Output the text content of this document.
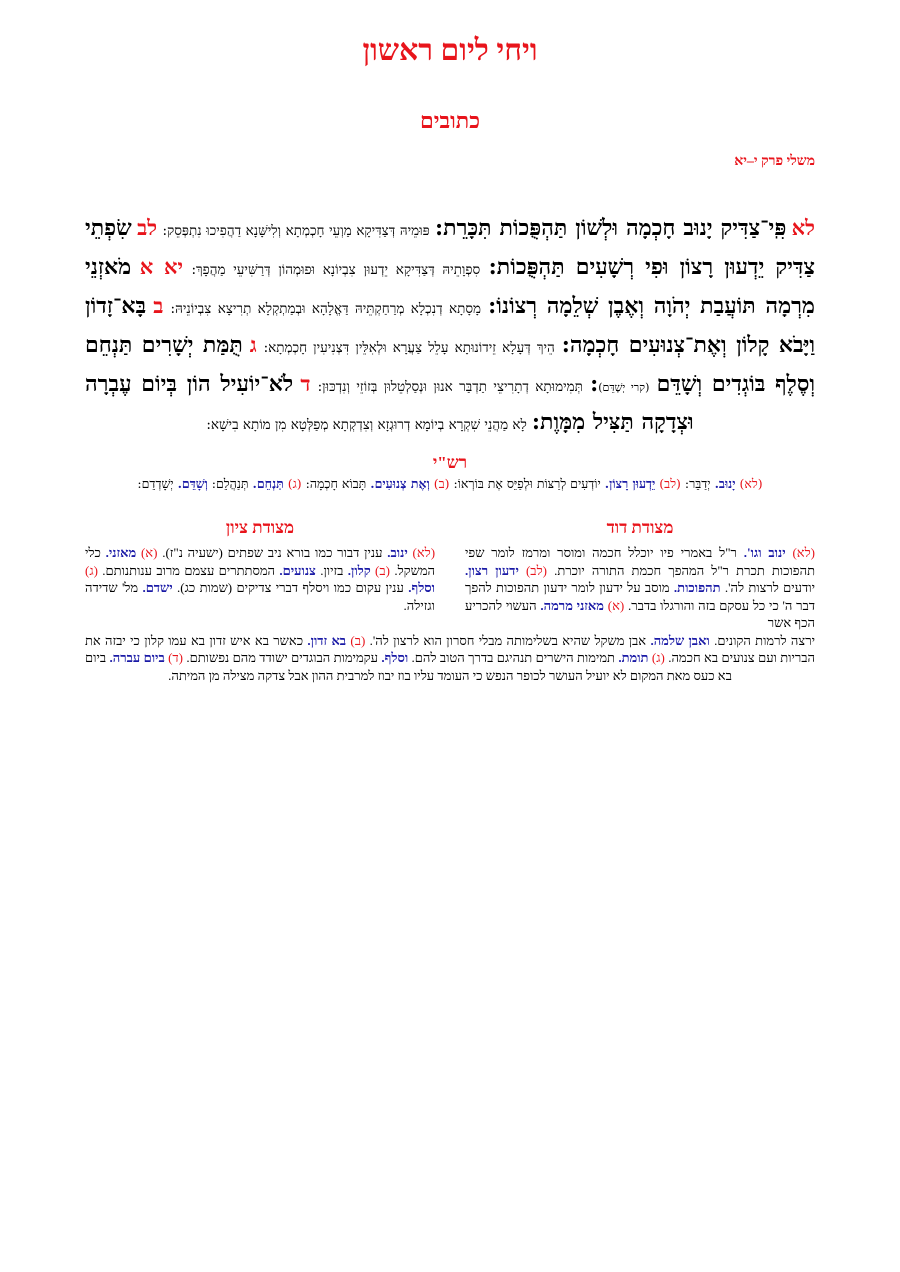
ויחי ליום ראשון
כתובים
משלי פרק י–יא
לא פִּֽי־צַדִּיק יָנוּב חָכְמָה וּלְשׁוֹן תַּהְפֻּכוֹת תִּכָּרֵת: פּוּמֵיהּ דְּצַדִּיקָא מַוְעֵי חָכְמְתָא וְלִישָּׁנָא דַהֲפִיכוּ נִתְפְּסֵק: לב שִׂפְתֵי צַדִּיק יֵדְעוּן רָצוֹן וּפִי רְשָׁעִים תַּהְפֻּכוֹת: סִפְוָתֵיהּ דְּצַדִּיקָא יֵדְעוּן צִבְיוֹנָא וּפוּמְהוֹן דְּרַשִּׁיעֵי מַהֲפָךְ: יא א מֹאזְנֵי מִרְמָה תּוֹעֲבַת יְהֹוָה וְאֶבֶן שְׁלֵמָה רְצוֹנוֹ: מָסָתָא דְנִכְלָא מְרַחַקְתֵּיהּ דַּאֱלָהָא וּבְמַתְקְלָא תְרִיצָא צִבְיוֹנֵיהּ: ב בָּא־זָדוֹן וַיָּבֹא קָלוֹן וְאֶת־צְנוּעִים חָכְמָה: הֵיךְ דְּעָלָא זֵידוֹנוּתָא עָלֵל צַעֲרָא וּלְאִלֵּין דִּצְנִיעִין חָכְמְתָא: ג תֻּמַּת יְשָׁרִים תַּנְחֵם וְסֶלֶף בּוֹגְדִים וְשָׁדֵּם (קרי יְשָׁדֵּם): תְּמִימוּתָא דְתָרִיצֵי תַדְבַּר אנוּן וּנְסַלְטֵלוּן בְּזוֹזֵי וְנִדְכּוּן: ד לֹא־יוֹעִיל הוֹן בְּיוֹם עֶבְרָה וּצְדָקָה תַּצִּיל מִמָּוֶת: לָא מַהֲנֵי שִׁקְרָא בְיוֹמָא דְרוּגְזָא וְצִדְקְתָא מְפַלְּטָא מִן מוֹתָא בִישָׁא:
רש"י
(לא) יָנוּב. יְדַבֵּר: (לב) יֵדְעוּן רָצוֹן. יוֹדְעִים לְרַצּוֹת וּלְפַיֵּס אֶת בּוֹרְאוֹ: (ב) וְאֶת צְנוּעִים. תָּבוֹא חָכְמָה: (ג) תַּנְחֵם. תְּנַהֲלֵם: וְשָׁדֵּם. יְשָׁדְדֵם:
מצודת דוד
מצודת ציון
(לא) ינוב וגו'. ר"ל באמרי פיו יוכלל חכמה ומוסר ומרמז לומר שפי תהפוכות תכרת ר"ל המהפך חכמת התורה יוכרת. (לב) ידעון רצון. יודעים לרצות לה'. תהפוכות. מוסב על ידעון לומר ידעון תהפוכות להפך דבר ה' כי כל עסקם בזה והורגלו בדבר. (א) מאזני מרמה. העשוי להכריע הכף אשר
(לא) ינוב. ענין דבור כמו בורא ניב שפתים (ישעיה נ"ז). (א) מאזני. כלי המשקל. (ב) קלון. בזיון. צנועים. המסתתרים עצמם מרוב ענותנותם. (ג) וסלף. ענין עקום כמו ויסלף דברי צדיקים (שמות כג). ישדם. מל' שדידה וגזילה.
ירצה לרמות הקונים. ואבן שלמה. אבן משקל שהיא בשלימותה מבלי חסרון הוא לרצון לה'. (ב) בא זדון. כאשר בא איש זדון בא עמו קלון כי יבזה את הבריות ועם צנועים בא חכמה. (ג) תומת. תמימות הישרים תנהיגם בדרך הטוב להם. וסלף. עקמימות הבוגדים ישודד מהם נפשותם. (ד) ביום עברה. ביום בא כעס מאת המקום לא יועיל העושר לכופר הנפש כי העומד עליו בוז יבוז למרבית ההון אבל צדקה מצילה מן המיתה.
